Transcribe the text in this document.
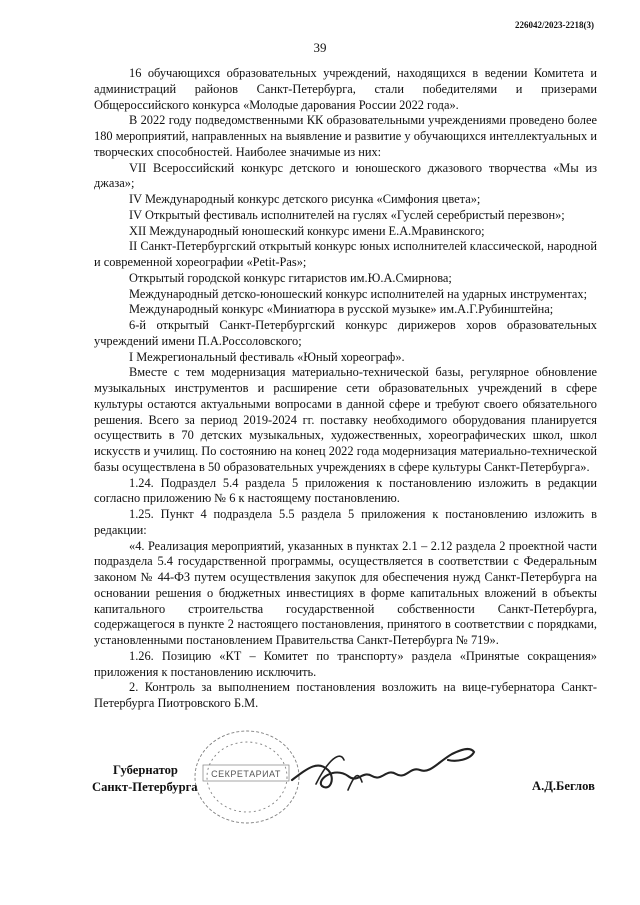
226042/2023-2218(3)
39

16 обучающихся образовательных учреждений, находящихся в ведении Комитета и администраций районов Санкт-Петербурга, стали победителями и призерами Общероссийского конкурса «Молодые дарования России 2022 года».

В 2022 году подведомственными КК образовательными учреждениями проведено более 180 мероприятий, направленных на выявление и развитие у обучающихся интеллектуальных и творческих способностей. Наиболее значимые из них:

VII Всероссийский конкурс детского и юношеского джазового творчества «Мы из джаза»;

IV Международный конкурс детского рисунка «Симфония цвета»;

IV Открытый фестиваль исполнителей на гуслях «Гуслей серебристый перезвон»;

XII Международный юношеский конкурс имени Е.А.Мравинского;

II Санкт-Петербургский открытый конкурс юных исполнителей классической, народной и современной хореографии «Petit-Pas»;

Открытый городской конкурс гитаристов им.Ю.А.Смирнова;

Международный детско-юношеский конкурс исполнителей на ударных инструментах;

Международный конкурс «Миниатюра в русской музыке» им.А.Г.Рубинштейна;

6-й открытый Санкт-Петербургский конкурс дирижеров хоров образовательных учреждений имени П.А.Россоловского;

I Межрегиональный фестиваль «Юный хореограф».

Вместе с тем модернизация материально-технической базы, регулярное обновление музыкальных инструментов и расширение сети образовательных учреждений в сфере культуры остаются актуальными вопросами в данной сфере и требуют своего обязательного решения. Всего за период 2019-2024 гг. поставку необходимого оборудования планируется осуществить в 70 детских музыкальных, художественных, хореографических школ, школ искусств и училищ. По состоянию на конец 2022 года модернизация материально-технической базы осуществлена в 50 образовательных учреждениях в сфере культуры Санкт-Петербурга».

1.24. Подраздел 5.4 раздела 5 приложения к постановлению изложить в редакции согласно приложению № 6 к настоящему постановлению.

1.25. Пункт 4 подраздела 5.5 раздела 5 приложения к постановлению изложить в редакции:

«4. Реализация мероприятий, указанных в пунктах 2.1 – 2.12 раздела 2 проектной части подраздела 5.4 государственной программы, осуществляется в соответствии с Федеральным законом № 44-ФЗ путем осуществления закупок для обеспечения нужд Санкт-Петербурга на основании решения о бюджетных инвестициях в форме капитальных вложений в объекты капитального строительства государственной собственности Санкт-Петербурга, содержащегося в пункте 2 настоящего постановления, принятого в соответствии с порядками, установленными постановлением Правительства Санкт-Петербурга № 719».

1.26. Позицию «КТ – Комитет по транспорту» раздела «Принятые сокращения» приложения к постановлению исключить.

2. Контроль за выполнением постановления возложить на вице-губернатора Санкт-Петербурга Пиотровского Б.М.

Губернатор
Санкт-Петербурга
СЕКРЕТАРИАТ
А.Д.Беглов
